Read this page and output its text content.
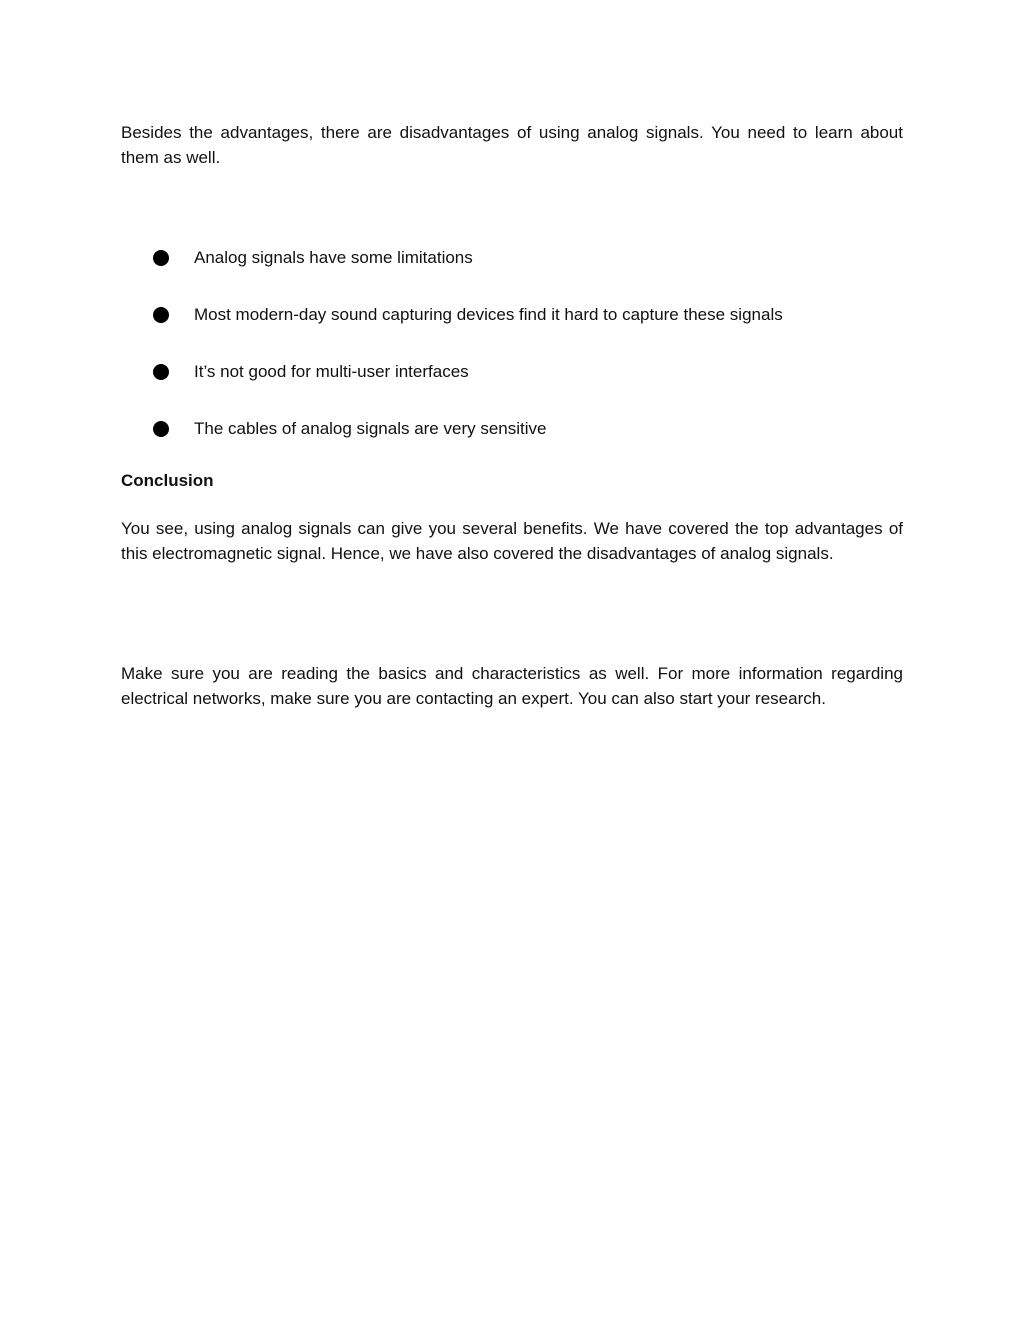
Besides the advantages, there are disadvantages of using analog signals. You need to learn about them as well.

Analog signals have some limitations
Most modern-day sound capturing devices find it hard to capture these signals
It’s not good for multi-user interfaces
The cables of analog signals are very sensitive
Conclusion

You see, using analog signals can give you several benefits. We have covered the top advantages of this electromagnetic signal. Hence, we have also covered the disadvantages of analog signals.

Make sure you are reading the basics and characteristics as well. For more information regarding electrical networks, make sure you are contacting an expert. You can also start your research.
